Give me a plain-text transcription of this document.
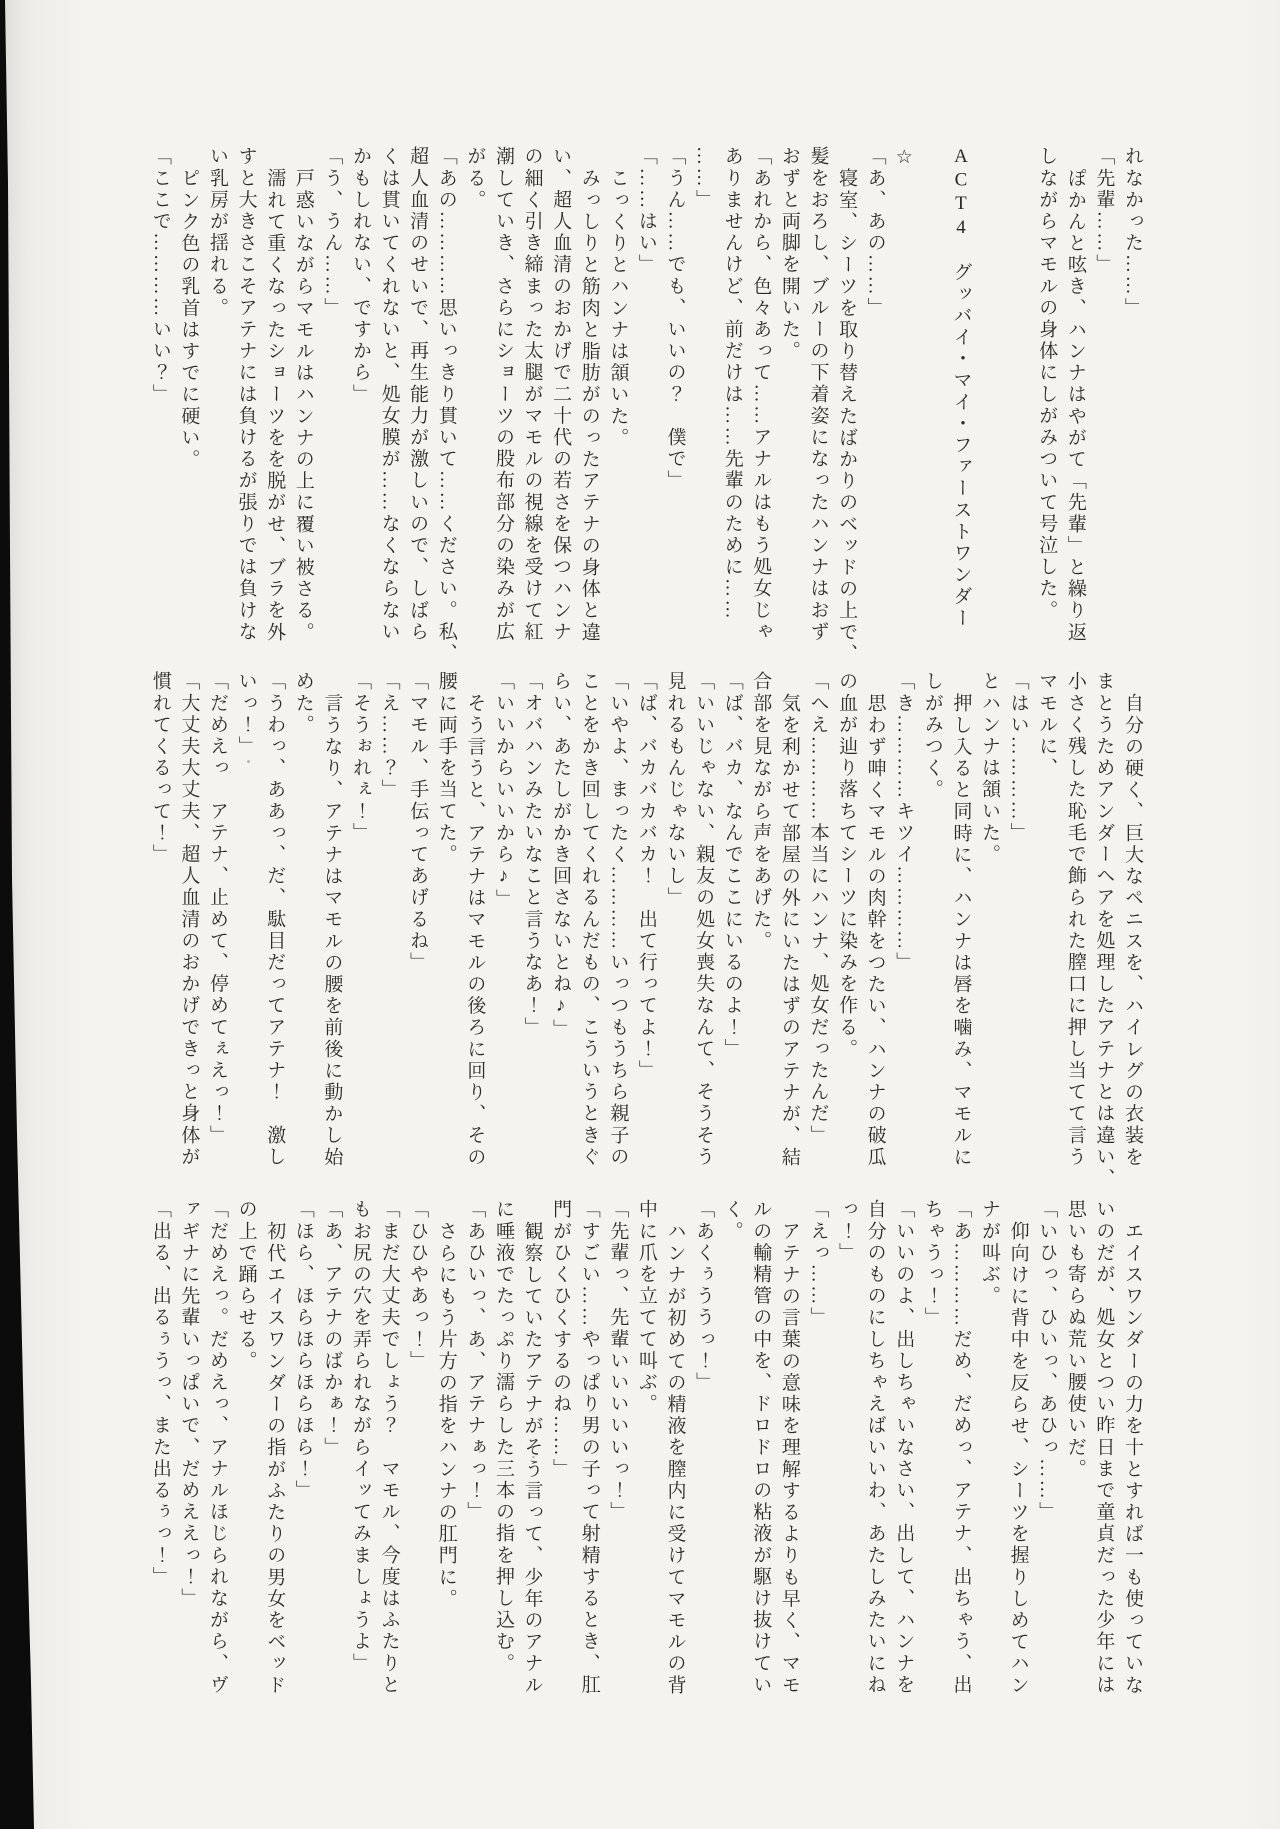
れなかった……」
「先輩……」
ぽかんと呟き、ハンナはやがて「先輩」と繰り返
しながらマモルの身体にしがみついて号泣した。
ACT4　グッバイ・マイ・ファーストワンダー
☆
「あ、あの……」
寝室、シーツを取り替えたばかりのベッドの上で、
髪をおろし、ブルーの下着姿になったハンナはおず
おずと両脚を開いた。
「あれから、色々あって……アナルはもう処女じゃ
ありませんけど、前だけは……先輩のために……
……」
「うん……でも、いいの？　僕で」
「……はい」
こっくりとハンナは頷いた。
みっしりと筋肉と脂肪がのったアテナの身体と違
い、超人血清のおかげで二十代の若さを保つハンナ
の細く引き締まった太腿がマモルの視線を受けて紅
潮していき、さらにショーツの股布部分の染みが広
がる。
「あの…………思いっきり貫いて……ください。私、
超人血清のせいで、再生能力が激しいので、しばら
くは貫いてくれないと、処女膜が……なくならない
かもしれない、ですから」
「う、うん……」
戸惑いながらマモルはハンナの上に覆い被さる。
濡れて重くなったショーツをを脱がせ、ブラを外
すと大きさこそアテナには負けるが張りでは負けな
い乳房が揺れる。
ピンク色の乳首はすでに硬い。
「ここで…………いい？」
自分の硬く、巨大なペニスを、ハイレグの衣装を
まとうためアンダーヘアを処理したアテナとは違い、
小さく残した恥毛で飾られた膣口に押し当てて言う
マモルに、
「はい…………」
とハンナは頷いた。
押し入ると同時に、ハンナは唇を噛み、マモルに
しがみつく。
「き…………キツイ…………」
思わず呻くマモルの肉幹をつたい、ハンナの破瓜
の血が辿り落ちてシーツに染みを作る。
「へえ…………本当にハンナ、処女だったんだ」
気を利かせて部屋の外にいたはずのアテナが、結
合部を見ながら声をあげた。
「ば、バカ、なんでここにいるのよ！」
「いいじゃない、親友の処女喪失なんて、そうそう
見れるもんじゃないし」
「ば、バカバカバカ！　出て行ってよ！」
「いやよ、まったく…………いっつもうちら親子の
ことをかき回してくれるんだもの、こういうときぐ
らい、あたしがかき回さないとね♪」
「オバハンみたいなこと言うなあ！」
「いいからいいから♪」
そう言うと、アテナはマモルの後ろに回り、その
腰に両手を当てた。
「マモル、手伝ってあげるね」
「え……？」
「そうぉれぇ！」
言うなり、アテナはマモルの腰を前後に動かし始
めた。
「うわっ、ああっ、だ、駄目だってアテナ！　激し
いっ！」
「だめえっ　アテナ、止めて、停めてぇえっ！」
「大丈夫大丈夫、超人血清のおかげできっと身体が
慣れてくるって！」
エイスワンダーの力を十とすれば一も使っていな
いのだが、処女とつい昨日まで童貞だった少年には
思いも寄らぬ荒い腰使いだ。
「いひっ、ひいっ、あひっ……」
仰向けに背中を反らせ、シーツを握りしめてハン
ナが叫ぶ。
「あ…………だめ、だめっ、アテナ、出ちゃう、出
ちゃうっ！」
「いいのよ、出しちゃいなさい、出して、ハンナを
自分のものにしちゃえばいいわ、あたしみたいにね
っ！」
「えっ……」
アテナの言葉の意味を理解するよりも早く、マモ
ルの輸精管の中を、ドロドロの粘液が駆け抜けてい
く。
「あくぅううっ！」
ハンナが初めての精液を膣内に受けてマモルの背
中に爪を立てて叫ぶ。
「先輩っ、先輩いいいいいっ！」
「すごい……やっぱり男の子って射精するとき、肛
門がひくひくするのね……」
観察していたアテナがそう言って、少年のアナル
に唾液でたっぷり濡らした三本の指を押し込む。
「あひいっ、あ、アテナぁっ！」
さらにもう片方の指をハンナの肛門に。
「ひひやあっ！」
「まだ大丈夫でしょう？　マモル、今度はふたりと
もお尻の穴を弄られながらイッてみましょうよ」
「あ、アテナのばかぁ！」
「ほら、ほらほらほらほら！」
初代エイスワンダーの指がふたりの男女をベッド
の上で踊らせる。
「だめえっ。だめえっ、アナルほじられながら、ヴ
ァギナに先輩いっぱいで、だめええっ！」
「出る、出るぅうっ、また出るぅっ！」
